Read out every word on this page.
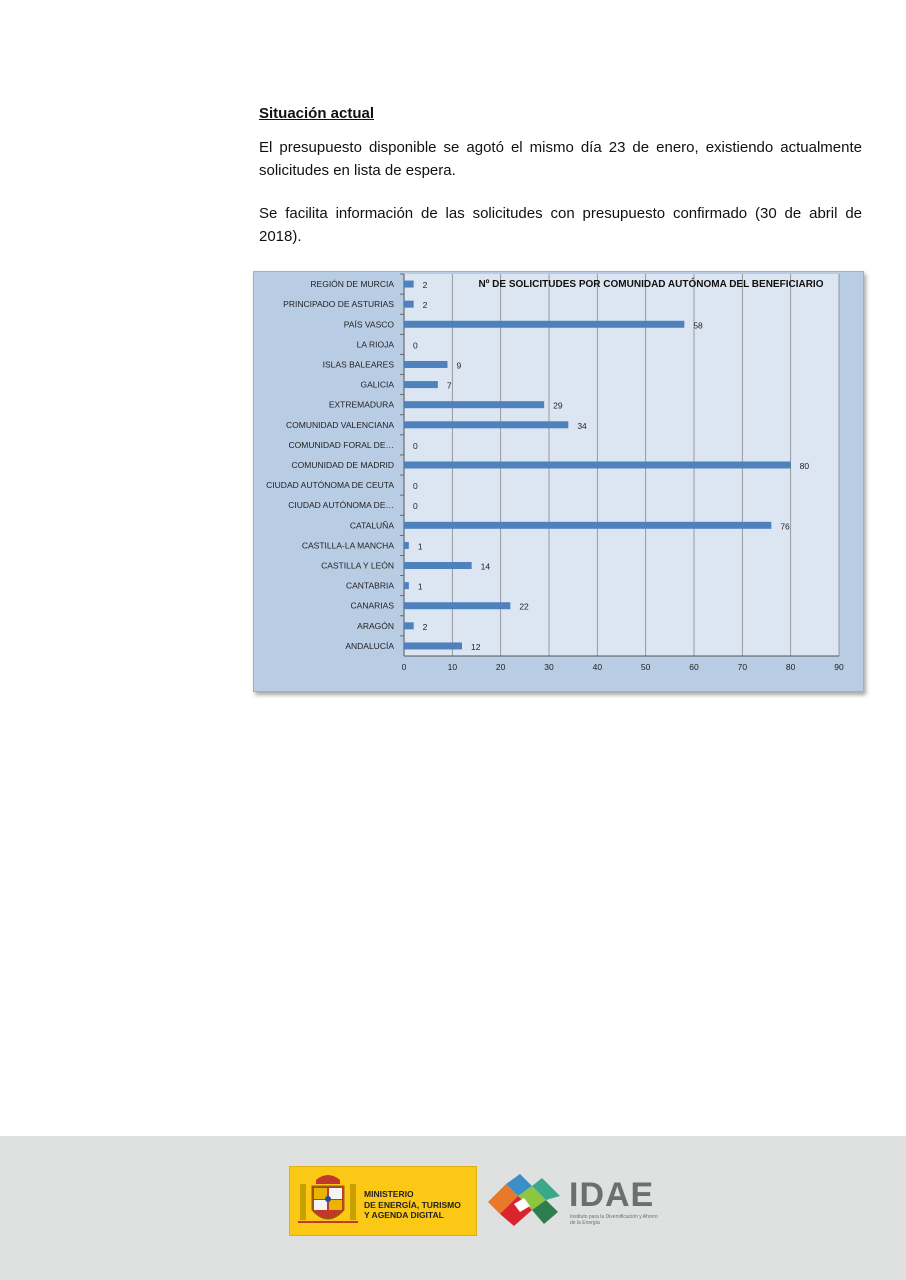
Situación actual
El presupuesto disponible se agotó el mismo día 23 de enero, existiendo actualmente solicitudes en lista de espera.
Se facilita información de las solicitudes con presupuesto confirmado (30 de abril de 2018).
0	10	20	30	40	50	60	70	80	90
REGIÓN DE MURCIA	2
PRINCIPADO DE ASTURIAS	2
PAÍS VASCO	58
LA RIOJA 0
ISLAS BALEARES	9
GALICIA	7
EXTREMADURA	29
COMUNIDAD VALENCIANA	34
COMUNIDAD FORAL DE… 0
COMUNIDAD DE MADRID	80
CIUDAD AUTÓNOMA DE CEUTA 0
CIUDAD AUTÓNOMA DE… 0
CATALUÑA	76
CASTILLA-LA MANCHA	1
CASTILLA Y LEÓN	14
CANTABRIA	1
CANARIAS	22
ARAGÓN	2
ANDALUCÍA	12
Nº DE SOLICITUDES POR COMUNIDAD AUTÓNOMA DEL BENEFICIARIO
MINISTERIO
DE ENERGÍA, TURISMO
Y AGENDA DIGITAL
IDAE
Instituto para la Diversificación y Ahorro de la Energía
